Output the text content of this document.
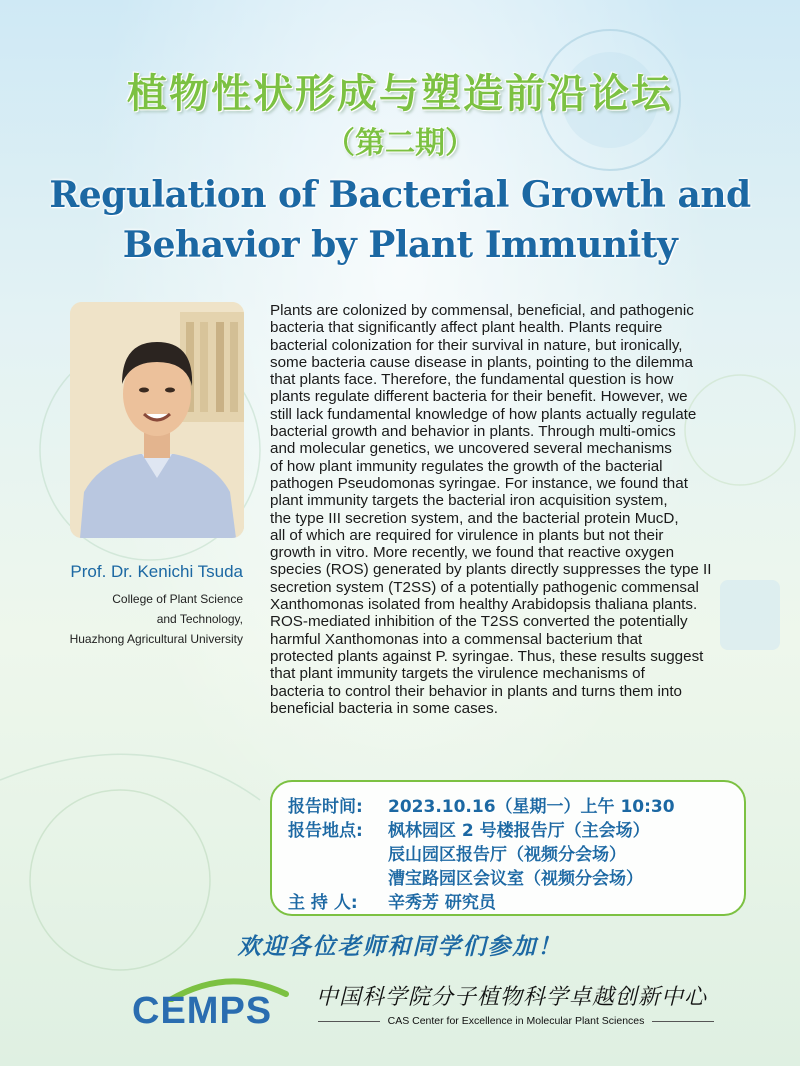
植物性状形成与塑造前沿论坛
（第二期）
Regulation of Bacterial Growth and
Behavior by Plant Immunity
Prof. Dr. Kenichi Tsuda
College of Plant Science
and Technology,
Huazhong Agricultural University
Plants are colonized by commensal, beneficial, and pathogenic
bacteria that significantly affect plant health. Plants require
bacterial colonization for their survival in nature, but ironically,
some bacteria cause disease in plants, pointing to the dilemma
that plants face. Therefore, the fundamental question is how
plants regulate different bacteria for their benefit. However, we
still lack fundamental knowledge of how plants actually regulate
bacterial growth and behavior in plants. Through multi-omics
and molecular genetics, we uncovered several mechanisms
of how plant immunity regulates the growth of the bacterial
pathogen Pseudomonas syringae. For instance, we found that
plant immunity targets the bacterial iron acquisition system,
the type III secretion system, and the bacterial protein MucD,
all of which are required for virulence in plants but not their
growth in vitro. More recently, we found that reactive oxygen
species (ROS) generated by plants directly suppresses the type II
secretion system (T2SS) of a potentially pathogenic commensal
Xanthomonas isolated from healthy Arabidopsis thaliana plants.
ROS-mediated inhibition of the T2SS converted the potentially
harmful Xanthomonas into a commensal bacterium that
protected plants against P. syringae. Thus, these results suggest
that plant immunity targets the virulence mechanisms of
bacteria to control their behavior in plants and turns them into
beneficial bacteria in some cases.
报告时间: 2023.10.16（星期一）上午 10:30
报告地点: 枫林园区 2 号楼报告厅（主会场）
辰山园区报告厅（视频分会场）
漕宝路园区会议室（视频分会场）
主 持 人: 辛秀芳 研究员
欢迎各位老师和同学们参加！
CEMPS 中国科学院分子植物科学卓越创新中心
CAS Center for Excellence in Molecular Plant Sciences
